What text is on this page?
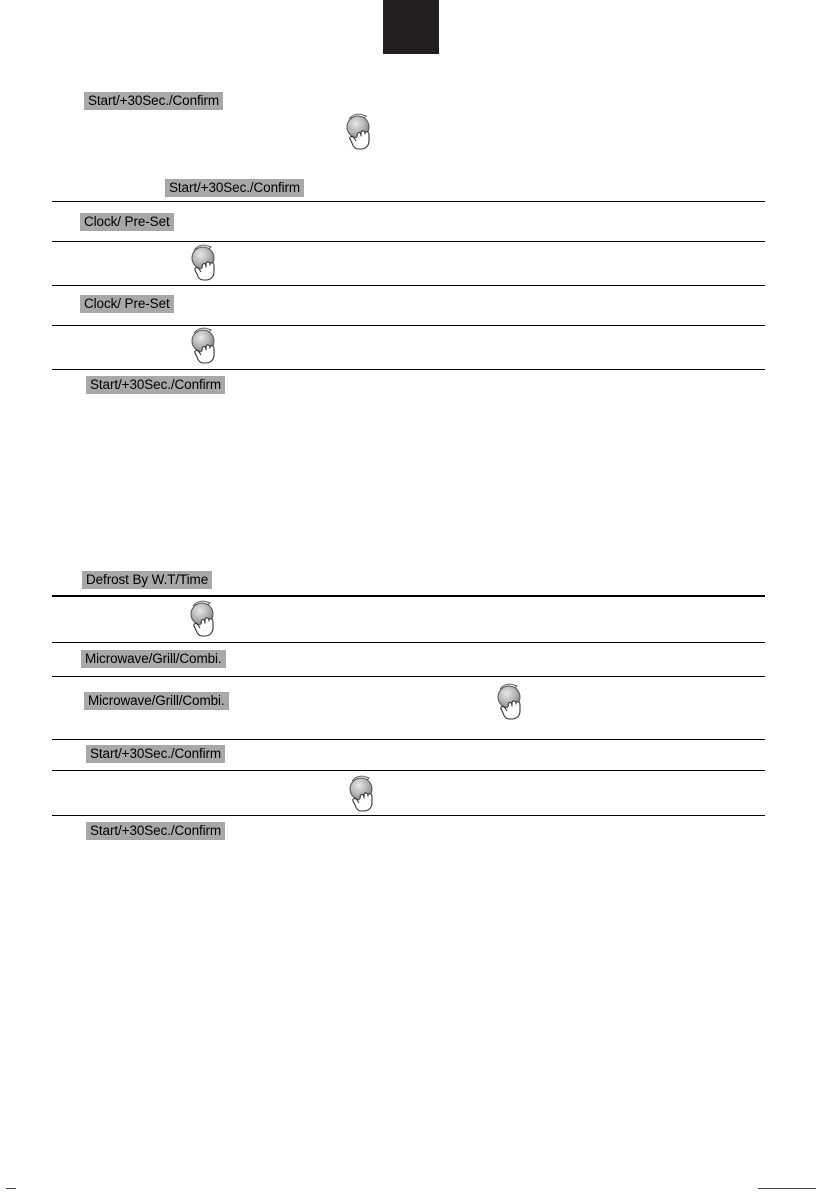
Start/+30Sec./Confirm
Start/+30Sec./Confirm
Clock/ Pre-Set
Clock/ Pre-Set
Start/+30Sec./Confirm
Defrost By W.T/Time
Microwave/Grill/Combi.
Microwave/Grill/Combi.
Start/+30Sec./Confirm
Start/+30Sec./Confirm
